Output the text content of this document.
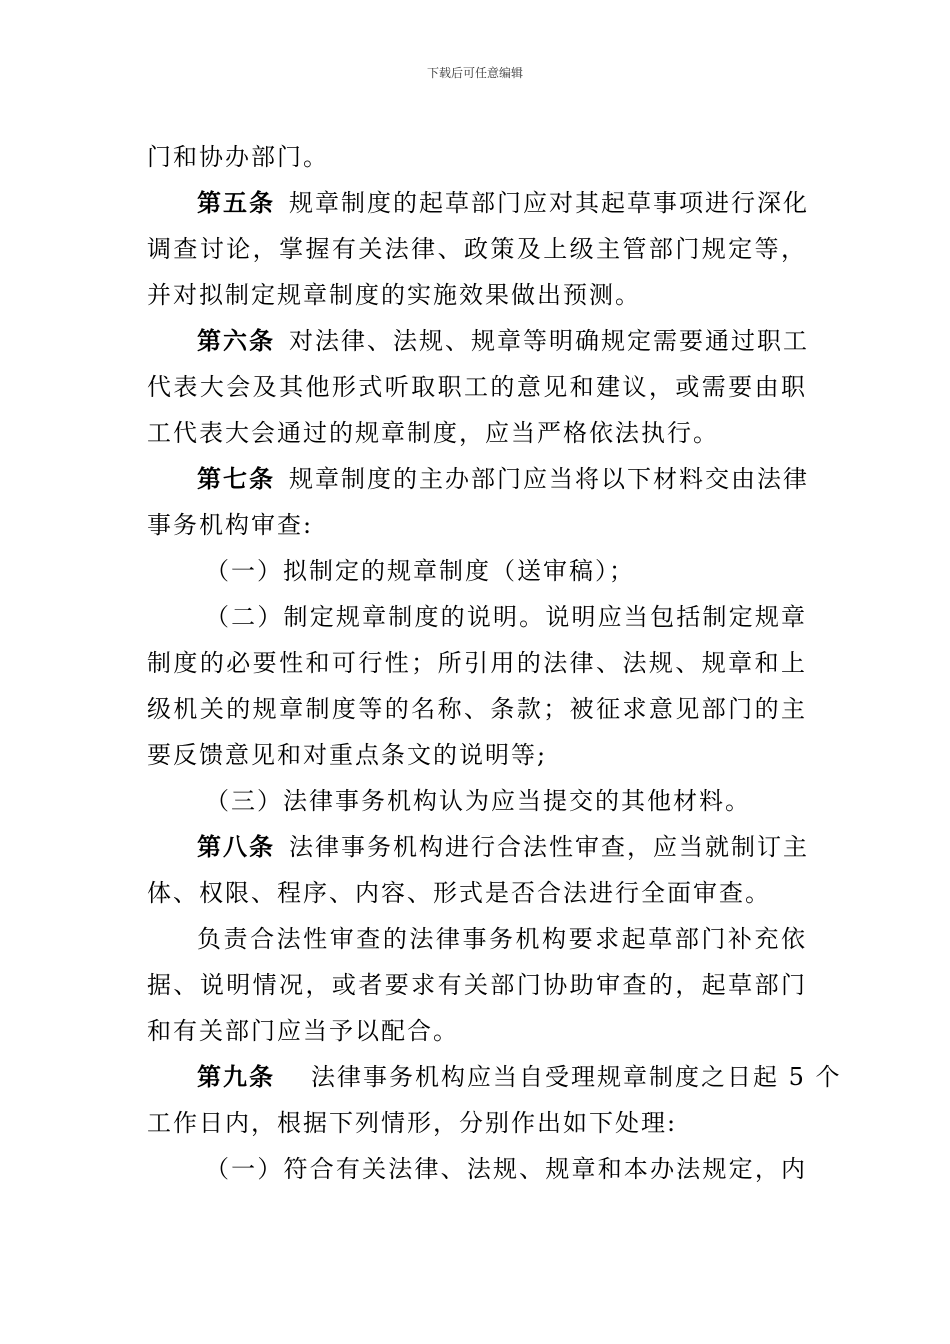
下载后可任意编辑
门和协办部门。
第五条 规章制度的起草部门应对其起草事项进行深化
调查讨论，掌握有关法律、政策及上级主管部门规定等，
并对拟制定规章制度的实施效果做出预测。
第六条 对法律、法规、规章等明确规定需要通过职工
代表大会及其他形式听取职工的意见和建议，或需要由职
工代表大会通过的规章制度，应当严格依法执行。
第七条 规章制度的主办部门应当将以下材料交由法律
事务机构审查:
（一）拟制定的规章制度（送审稿）；
（二）制定规章制度的说明。说明应当包括制定规章
制度的必要性和可行性；所引用的法律、法规、规章和上
级机关的规章制度等的名称、条款；被征求意见部门的主
要反馈意见和对重点条文的说明等;
（三）法律事务机构认为应当提交的其他材料。
第八条 法律事务机构进行合法性审查，应当就制订主
体、权限、程序、内容、形式是否合法进行全面审查。
负责合法性审查的法律事务机构要求起草部门补充依
据、说明情况，或者要求有关部门协助审查的，起草部门
和有关部门应当予以配合。
第九条 法律事务机构应当自受理规章制度之日起 5 个
工作日内，根据下列情形，分别作出如下处理:
（一）符合有关法律、法规、规章和本办法规定，内
